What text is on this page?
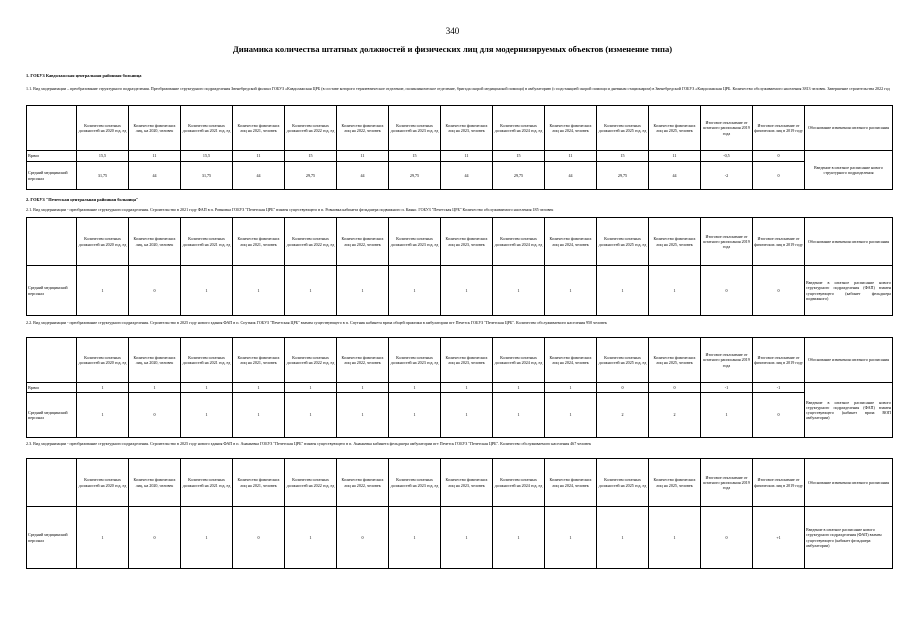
340
Динамика количества штатных должностей и физических лиц для модернизируемых объектов (изменение типа)
1. ГОБУЗ Кавдолажская центральная районная больница
1.1. Вид модернизации – преобразование структурного подразделения. Преобразование структурного подразделения Звенебредской филиал ГОБУЗ «Кавдолажская ЦРБ (в составе которого терапевтическое отделение, поликлиническое отделение, бригада скорой медицинской помощи) в амбулаторию (с подстанцией скорой помощи и дневным стационаром) в Звенебредской ГОБУЗ «Кавдолажская ЦРБ. Количество обслуживаемого населения 3813 человек. Завершение строительства 2022 год
	Количество штатных должностей на 2020 год, ед	Количество физических лиц, на 2020, человек	Количество штатных должностей на 2021 год, ед	Количество физических лиц на 2021, человек	Количество штатных должностей на 2022 год, ед	Количество физических лиц на 2022, человек	Количество штатных должностей на 2023 год, ед	Количество физических лиц на 2023, человек	Количество штатных должностей на 2024 год, ед	Количество физических лиц на 2024, человек	Количество штатных должностей на 2025 год, ед	Количество физических лиц на 2025, человек	Итоговое отклонение от штатного расписания 2019 года	Итоговое отклонение от физических лиц в 2019 году	Обоснование изменения штатного расписания
Врачи	15,5	11	15,5	11	15	11	15	11	15	11	15	11	-0,5	0	Введение в штатное расписание нового структурного подразделения
Средний медицинский персонал	31,75	44	31,75	44	29,75	44	29,75	44	29,75	44	29,75	44	-2	0	
2. ГОБУЗ "Печетская центральная районная больница"
2.1. Вид модернизации - преобразование структурного подразделения. Строительство в 2021 году ФАП в п. Ровновка ГОБУЗ "Печетская ЦРБ" взамен существующего в п. Ровновка кабинета фельдшера подвижного п. Каяно. ГОБУЗ "Печетская ЦРБ" Количество обслуживаемого населения 185 человек
	Количество штатных должностей на 2020 год, ед	Количество физических лиц, на 2020, человек	Количество штатных должностей на 2021 год, ед	Количество физических лиц на 2021, человек	Количество штатных должностей на 2022 год, ед	Количество физических лиц на 2022, человек	Количество штатных должностей на 2023 год, ед	Количество физических лиц на 2023, человек	Количество штатных должностей на 2024 год, ед	Количество физических лиц на 2024, человек	Количество штатных должностей на 2025 год, ед	Количество физических лиц на 2025, человек	Итоговое отклонение от штатного расписания 2019 года	Итоговое отклонение от физических лиц в 2019 году	Обоснование изменения штатного расписания
Средний медицинский персонал	1	0	1	1	1	1	1	1	1	1	1	1	0	0	Введение в штатное расписание нового структурного подразделения (ФАП) взамен существующего (кабинет фельдшера подвижного)
2.2. Вид модернизации - преобразование структурного подразделения. Строительство в 2025 году нового здания ФАП в п. Спутник ГОБУЗ "Печетская ЦРБ" взамен существующего в п. Спутник кабинета врача общей практики в амбулатории пгт Печетск ГОБУЗ "Печетская ЦРБ". Количество обслуживаемого населения 950 человек
	Количество штатных должностей на 2020 год, ед	Количество физических лиц, на 2020, человек	Количество штатных должностей на 2021 год, ед	Количество физических лиц на 2021, человек	Количество штатных должностей на 2022 год, ед	Количество физических лиц на 2022, человек	Количество штатных должностей на 2023 год, ед	Количество физических лиц на 2023, человек	Количество штатных должностей на 2024 год, ед	Количество физических лиц на 2024, человек	Количество штатных должностей на 2025 год, ед	Количество физических лиц на 2025, человек	Итоговое отклонение от штатного расписания 2019 года	Итоговое отклонение от физических лиц в 2019 году	Обоснование изменения штатного расписания
Врачи	1	1	1	1	1	1	1	1	1	1	0	0	-1	-1	Введение в штатное расписание нового структурного подразделения (ФАП) взамен существующего (кабинет врача ВОП амбулатории)
Средний медицинский персонал	1	0	1	1	1	1	1	1	1	1	2	2	1	0	
2.3. Вид модернизации - преобразование структурного подразделения. Строительство в 2025 году нового здания ФАП в п. Ананьевка ГОБУЗ "Печетская ЦРБ" взамен существующего в п. Ананьевка кабинета фельдшера амбулатории пгт Печетск ГОБУЗ "Печетская ЦРБ". Количество обслуживаемого населения 467 человек
	Количество штатных должностей на 2020 год, ед	Количество физических лиц, на 2020, человек	Количество штатных должностей на 2021 год, ед	Количество физических лиц на 2021, человек	Количество штатных должностей на 2022 год, ед	Количество физических лиц на 2022, человек	Количество штатных должностей на 2023 год, ед	Количество физических лиц на 2023, человек	Количество штатных должностей на 2024 год, ед	Количество физических лиц на 2024, человек	Количество штатных должностей на 2025 год, ед	Количество физических лиц на 2025, человек	Итоговое отклонение от штатного расписания 2019 года	Итоговое отклонение от физических лиц в 2019 году	Обоснование изменения штатного расписания
Средний медицинский персонал	1	0	1	0	1	0	1	1	1	1	1	1	0	+1	Введение в штатное расписание нового структурного подразделения (ФАП) взамен существующего (кабинет фельдшера амбулатории)
